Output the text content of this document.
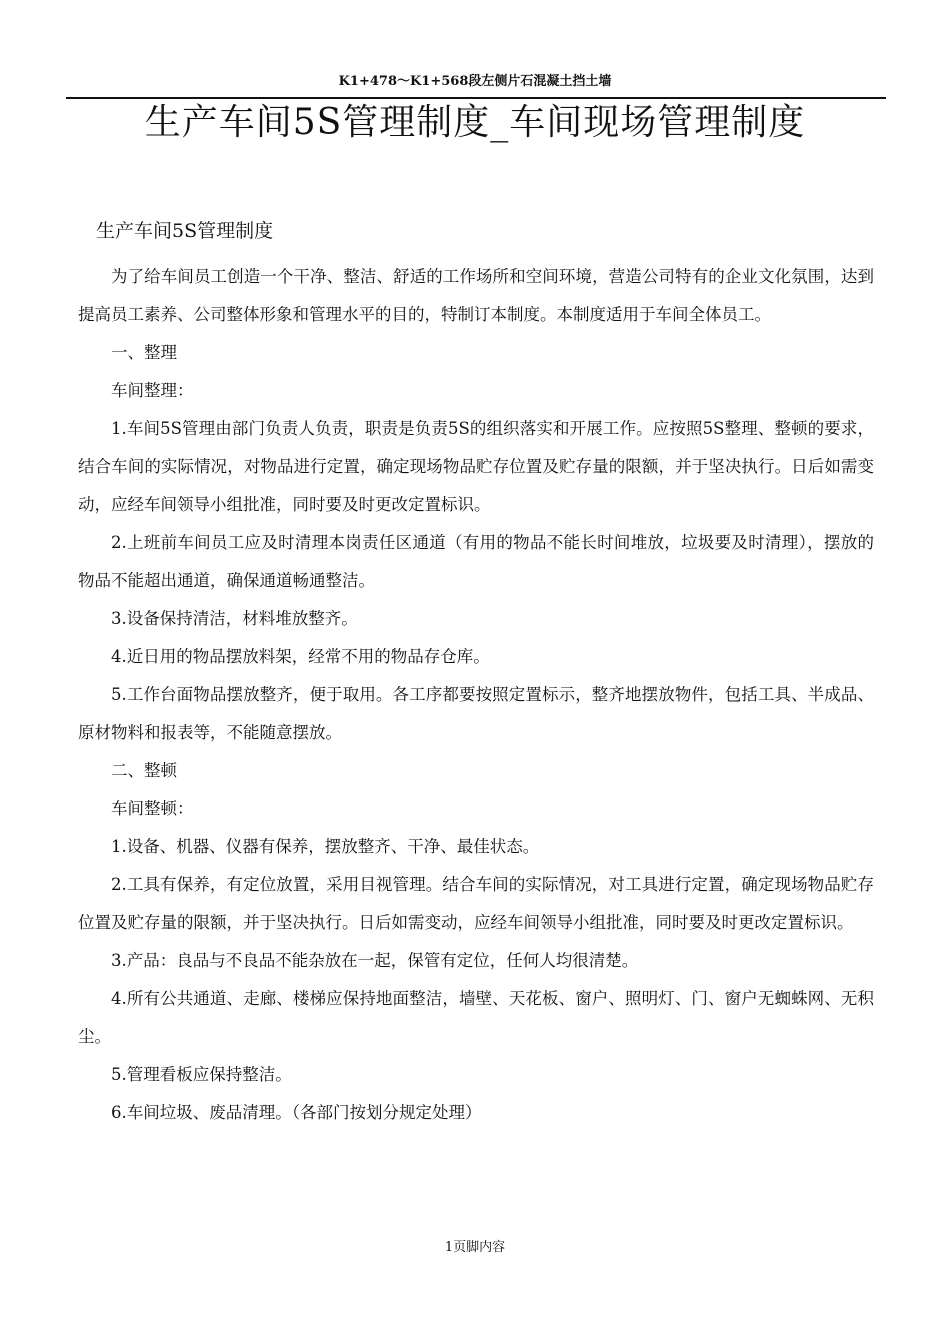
K1+478～K1+568段左侧片石混凝土挡土墙
生产车间5S管理制度_车间现场管理制度
生产车间5S管理制度

为了给车间员工创造一个干净、整洁、舒适的工作场所和空间环境，营造公司特有的企业文化氛围，达到提高员工素养、公司整体形象和管理水平的目的，特制订本制度。本制度适用于车间全体员工。

一、整理

车间整理：

1.车间5S管理由部门负责人负责，职责是负责5S的组织落实和开展工作。应按照5S整理、整顿的要求，结合车间的实际情况，对物品进行定置，确定现场物品贮存位置及贮存量的限额，并于坚决执行。日后如需变动，应经车间领导小组批准，同时要及时更改定置标识。

2.上班前车间员工应及时清理本岗责任区通道（有用的物品不能长时间堆放，垃圾要及时清理），摆放的物品不能超出通道，确保通道畅通整洁。

3.设备保持清洁，材料堆放整齐。

4.近日用的物品摆放料架，经常不用的物品存仓库。

5.工作台面物品摆放整齐，便于取用。各工序都要按照定置标示，整齐地摆放物件，包括工具、半成品、原材物料和报表等，不能随意摆放。

二、整顿

车间整顿：

1.设备、机器、仪器有保养，摆放整齐、干净、最佳状态。

2.工具有保养，有定位放置，采用目视管理。结合车间的实际情况，对工具进行定置，确定现场物品贮存位置及贮存量的限额，并于坚决执行。日后如需变动，应经车间领导小组批准，同时要及时更改定置标识。

3.产品：良品与不良品不能杂放在一起，保管有定位，任何人均很清楚。

4.所有公共通道、走廊、楼梯应保持地面整洁，墙壁、天花板、窗户、照明灯、门、窗户无蜘蛛网、无积尘。

5.管理看板应保持整洁。

6.车间垃圾、废品清理。（各部门按划分规定处理）

1页脚内容
